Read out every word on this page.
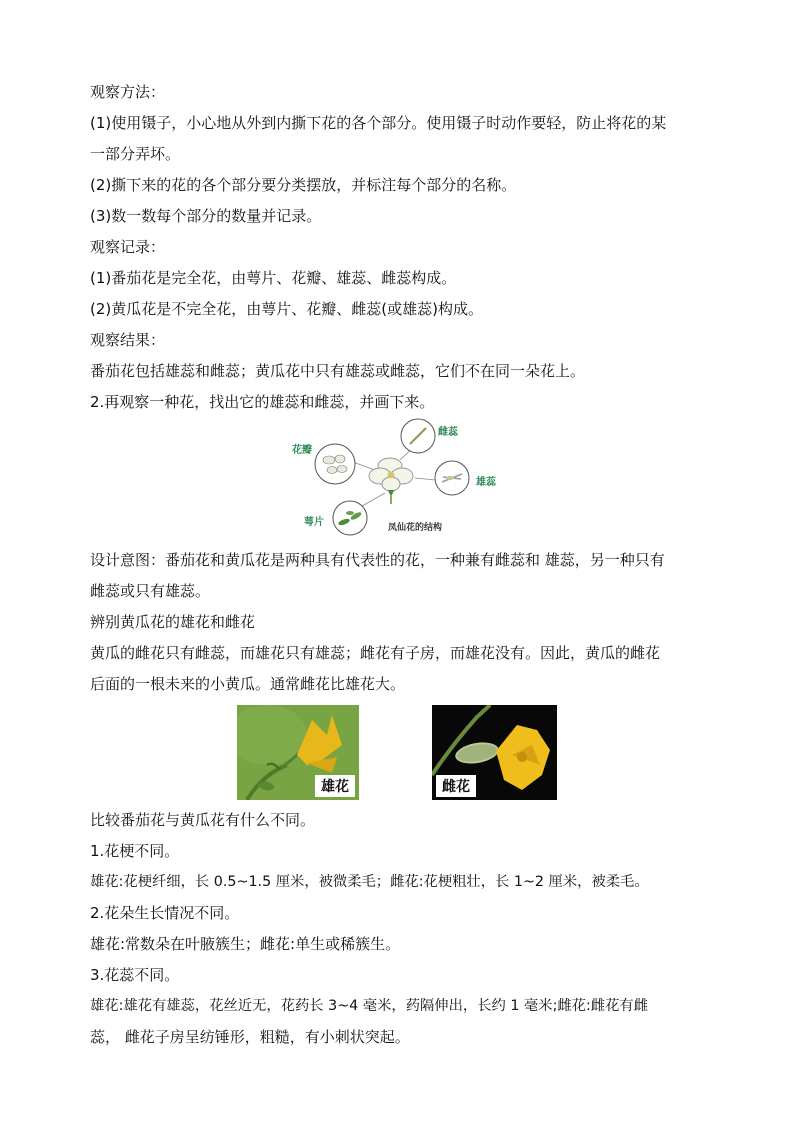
观察方法：
(1)使用镊子，小心地从外到内撕下花的各个部分。使用镊子时动作要轻，防止将花的某
一部分弄坏。
(2)撕下来的花的各个部分要分类摆放，并标注每个部分的名称。
(3)数一数每个部分的数量并记录。
观察记录：
(1)番茄花是完全花，由萼片、花瓣、雄蕊、雌蕊构成。
(2)黄瓜花是不完全花，由萼片、花瓣、雌蕊(或雄蕊)构成。
观察结果：
番茄花包括雄蕊和雌蕊；黄瓜花中只有雄蕊或雌蕊，它们不在同一朵花上。
2.再观察一种花，找出它的雄蕊和雌蕊，并画下来。
花瓣
雌蕊
雄蕊
萼片	凤仙花的结构
设计意图：番茄花和黄瓜花是两种具有代表性的花，一种兼有雌蕊和 雄蕊，另一种只有
雌蕊或只有雄蕊。
辨别黄瓜花的雄花和雌花
黄瓜的雌花只有雌蕊，而雄花只有雄蕊；雌花有子房，而雄花没有。因此，黄瓜的雌花
后面的一根未来的小黄瓜。通常雌花比雄花大。
雄花	雌花
比较番茄花与黄瓜花有什么不同。
1.花梗不同。
雄花:花梗纤细，长 0.5~1.5 厘米，被微柔毛；雌花:花梗粗壮，长 1~2 厘米，被柔毛。
2.花朵生长情况不同。
雄花:常数朵在叶腋簇生；雌花:单生或稀簇生。
3.花蕊不同。
雄花:雄花有雄蕊，花丝近无，花药长 3~4 毫米，药隔伸出，长约 1 毫米;雌花:雌花有雌
蕊， 雌花子房呈纺锤形，粗糙，有小刺状突起。
